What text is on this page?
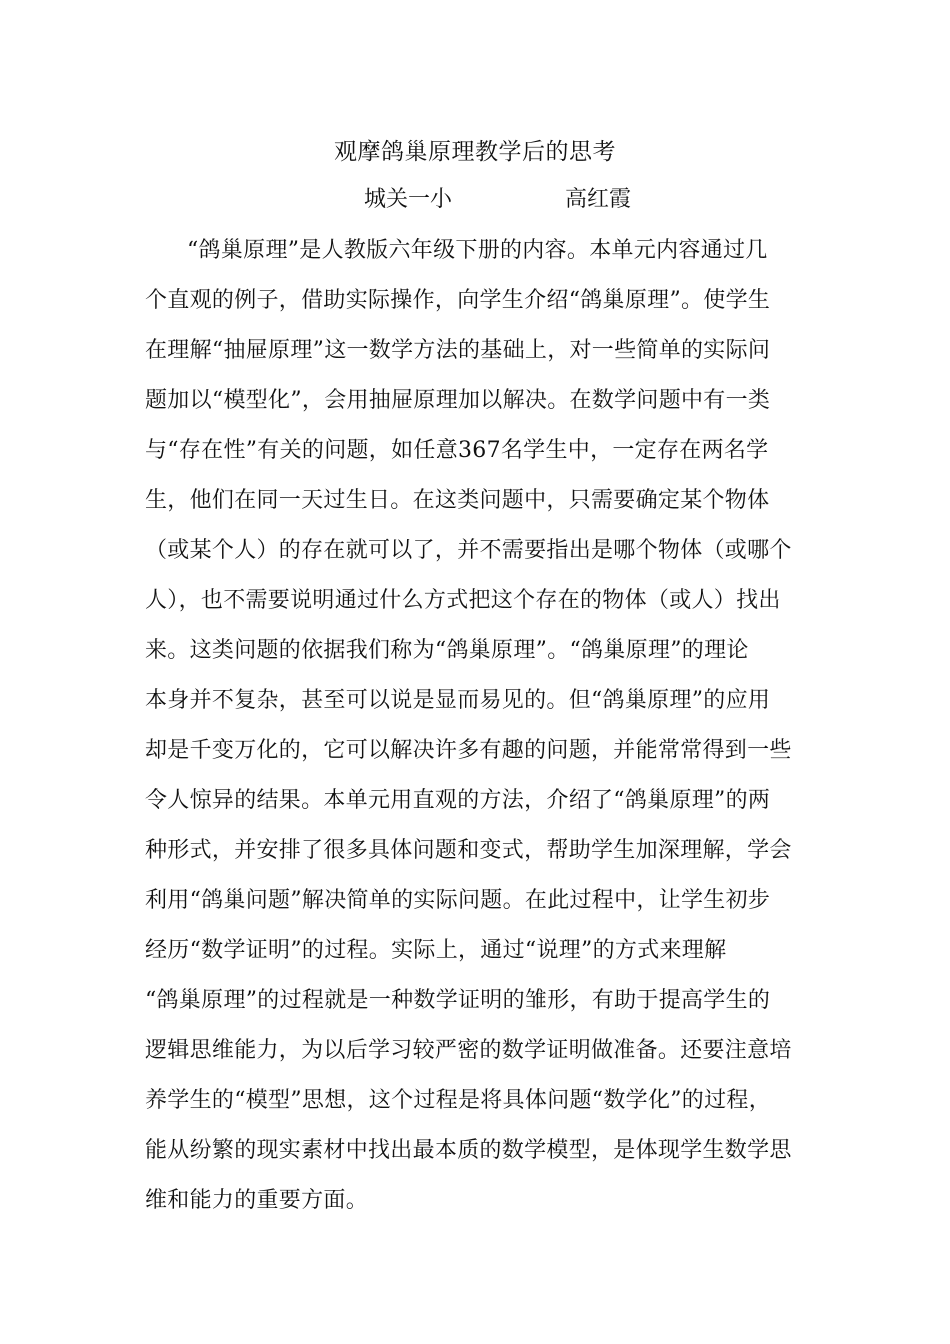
观摩鸽巢原理教学后的思考
城关一小	高红霞
“鸽巢原理”是人教版六年级下册的内容。本单元内容通过几
个直观的例子，借助实际操作，向学生介绍“鸽巢原理”。使学生
在理解“抽屉原理”这一数学方法的基础上，对一些简单的实际问
题加以“模型化”，会用抽屉原理加以解决。在数学问题中有一类
与“存在性”有关的问题，如任意367名学生中，一定存在两名学
生，他们在同一天过生日。在这类问题中，只需要确定某个物体
（或某个人）的存在就可以了，并不需要指出是哪个物体（或哪个
人），也不需要说明通过什么方式把这个存在的物体（或人）找出
来。这类问题的依据我们称为“鸽巢原理”。“鸽巢原理”的理论
本身并不复杂，甚至可以说是显而易见的。但“鸽巢原理”的应用
却是千变万化的，它可以解决许多有趣的问题，并能常常得到一些
令人惊异的结果。本单元用直观的方法，介绍了“鸽巢原理”的两
种形式，并安排了很多具体问题和变式，帮助学生加深理解，学会
利用“鸽巢问题”解决简单的实际问题。在此过程中，让学生初步
经历“数学证明”的过程。实际上，通过“说理”的方式来理解
“鸽巢原理”的过程就是一种数学证明的雏形，有助于提高学生的
逻辑思维能力，为以后学习较严密的数学证明做准备。还要注意培
养学生的“模型”思想，这个过程是将具体问题“数学化”的过程，
能从纷繁的现实素材中找出最本质的数学模型，是体现学生数学思
维和能力的重要方面。
